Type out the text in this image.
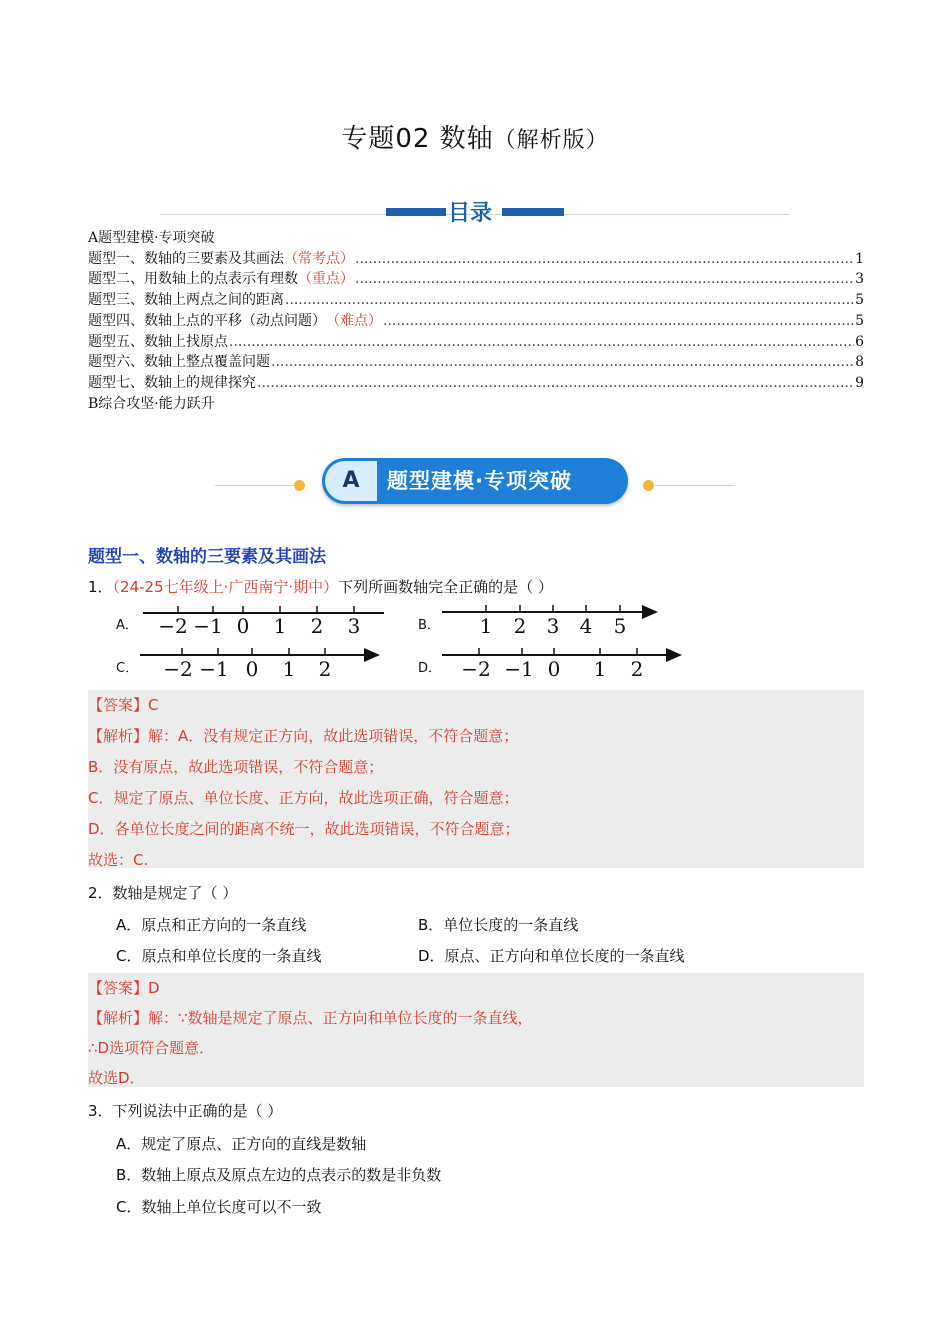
专题02 数轴（解析版）
目录
A题型建模·专项突破
题型一、数轴的三要素及其画法 （常考点） .....	1
题型二、用数轴上的点表示有理数 （重点） .....	3
题型三、数轴上两点之间的距离 .....	5
题型四、数轴上点的平移（动点问题） （难点） .....	5
题型五、数轴上找原点 .....	6
题型六、数轴上整点覆盖问题 .....	8
题型七、数轴上的规律探究 .....	9
B综合攻坚·能力跃升
A	题型建模·专项突破
题型一、数轴的三要素及其画法
1．（24-25七年级上·广西南宁·期中）下列所画数轴完全正确的是（ ）
A． −2 −1 0 1 2 3	B． 1 2 3 4 5
C． −2 −1 0 1 2	D． −2 −1 0 1 2
【答案】C
【解析】解：A．没有规定正方向，故此选项错误，不符合题意；
B．没有原点，故此选项错误，不符合题意；
C．规定了原点、单位长度、正方向，故此选项正确，符合题意；
D．各单位长度之间的距离不统一，故此选项错误，不符合题意；
故选：C.
2．数轴是规定了（ ）
A．原点和正方向的一条直线	B．单位长度的一条直线
C．原点和单位长度的一条直线	D．原点、正方向和单位长度的一条直线
【答案】D
【解析】解：∵数轴是规定了原点、正方向和单位长度的一条直线，
∴D选项符合题意．
故选D．
3．下列说法中正确的是（ ）
A．规定了原点、正方向的直线是数轴
B．数轴上原点及原点左边的点表示的数是非负数
C．数轴上单位长度可以不一致
